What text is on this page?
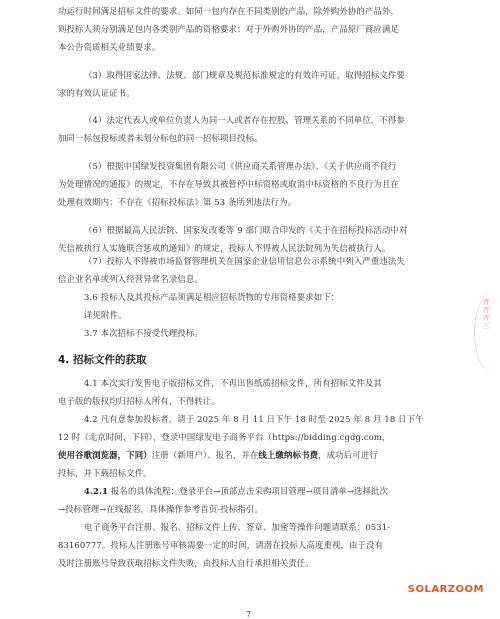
功运行时间满足招标文件的要求。如同一包内存在不同类别的产品，除外购外协的产品外，
则投标人须分别满足包内各类别产品的资格要求；对于外购外协的产品，产品原厂商应满足
本公告资质相关业绩要求。
（3）取得国家法律、法规、部门规章及规范标准规定的有效许可证，取得招标文件要
求的有效认证证书。
（4）法定代表人或单位负责人为同一人或者存在控股、管理关系的不同单位，不得参
加同一标包投标或者未划分标包的同一招标项目投标。
（5）根据中国绿发投资集团有限公司《供应商关系管理办法》、《关于供应商不良行
为处理情况的通报》的规定，不存在导致其被暂停中标资格或取消中标资格的不良行为且在
处理有效期内；不存在《招标投标法》第 53 条所列违法行为。
（6）根据最高人民法院、国家发改委等 9 部门联合印发的《关于在招标投标活动中对
失信被执行人实施联合惩戒的通知》的规定，投标人不得被人民法院列为失信被执行人。
（7）投标人不得被市场监督管理机关在国家企业信用信息公示系统中列入严重违法失
信企业名单或列入经营异常名录信息。
3.6 投标人及其投标产品须满足相应招标货物的专用资格要求如下：
详见附件。
3.7 本次招标不接受代理投标。
4. 招标文件的获取
4.1 本次实行发售电子版招标文件，不再出售纸质招标文件，所有招标文件及其
电子版的版权均归招标人所有，不得转让。
4.2 凡有意参加投标者，请于 2025 年 8 月 11 日下午 18 时至 2025 年 8 月 18 日下午
12 时（北京时间，下同），登录中国绿发电子商务平台（https://bidding.cgdg.com，
使用谷歌浏览器，下同）注册（新用户）、报名，并在线上缴纳标书费，成功后可进行
投标，并下载招标文件。
4.2.1 报名的具体流程：登录平台→顶部点击采购项目管理→项目清单→选择批次
→投标管理→在线报名，具体操作参考首页-投标指引。
电子商务平台注册、报名、招标文件上传、签章、加密等操作问题请联系：0531-
83160777。投标人注册账号审核需要一定的时间，请潜在投标人高度重视，由于没有
及时注册账号导致获取招标文件失败，由投标人自行承担相关责任。
齐齐齐三
SOLARZOOM
7
